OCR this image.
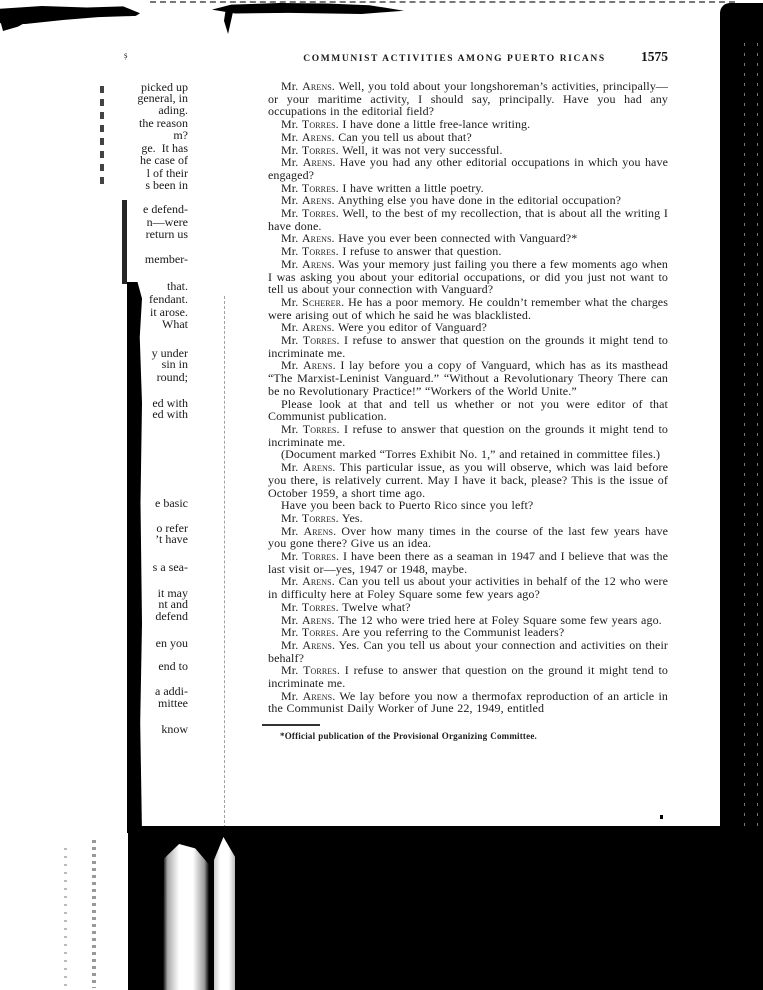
ṣ
picked up
general, in
ading.
the reason
m?
ge.  It has
he case of
l of their
s been in
e defend-
n—were
return us
member-
that.
fendant.
it arose.
What
y under
sin in
round;
ed with
ed with
e basic
o refer
’t have
s a sea-
it may
nt and
defend
en you
end to
a addi-
mittee
know
COMMUNIST ACTIVITIES AMONG PUERTO RICANS	1575

Mr. Arens. Well, you told about your longshoreman’s activities, principally—or your maritime activity, I should say, principally. Have you had any occupations in the editorial field?

Mr. Torres. I have done a little free-lance writing.

Mr. Arens. Can you tell us about that?

Mr. Torres. Well, it was not very successful.

Mr. Arens. Have you had any other editorial occupations in which you have engaged?

Mr. Torres. I have written a little poetry.

Mr. Arens. Anything else you have done in the editorial occupation?

Mr. Torres. Well, to the best of my recollection, that is about all the writing I have done.

Mr. Arens. Have you ever been connected with Vanguard?*

Mr. Torres. I refuse to answer that question.

Mr. Arens. Was your memory just failing you there a few moments ago when I was asking you about your editorial occupations, or did you just not want to tell us about your connection with Vanguard?

Mr. Scherer. He has a poor memory. He couldn’t remember what the charges were arising out of which he said he was blacklisted.

Mr. Arens. Were you editor of Vanguard?

Mr. Torres. I refuse to answer that question on the grounds it might tend to incriminate me.

Mr. Arens. I lay before you a copy of Vanguard, which has as its masthead “The Marxist-Leninist Vanguard.” “Without a Revolutionary Theory There can be no Revolutionary Practice!” “Workers of the World Unite.”

Please look at that and tell us whether or not you were editor of that Communist publication.

Mr. Torres. I refuse to answer that question on the grounds it might tend to incriminate me.

(Document marked “Torres Exhibit No. 1,” and retained in committee files.)

Mr. Arens. This particular issue, as you will observe, which was laid before you there, is relatively current. May I have it back, please? This is the issue of October 1959, a short time ago.

Have you been back to Puerto Rico since you left?

Mr. Torres. Yes.

Mr. Arens. Over how many times in the course of the last few years have you gone there? Give us an idea.

Mr. Torres. I have been there as a seaman in 1947 and I believe that was the last visit or—yes, 1947 or 1948, maybe.

Mr. Arens. Can you tell us about your activities in behalf of the 12 who were in difficulty here at Foley Square some few years ago?

Mr. Torres. Twelve what?

Mr. Arens. The 12 who were tried here at Foley Square some few years ago.

Mr. Torres. Are you referring to the Communist leaders?

Mr. Arens. Yes. Can you tell us about your connection and activities on their behalf?

Mr. Torres. I refuse to answer that question on the ground it might tend to incriminate me.

Mr. Arens. We lay before you now a thermofax reproduction of an article in the Communist Daily Worker of June 22, 1949, entitled

*Official publication of the Provisional Organizing Committee.
